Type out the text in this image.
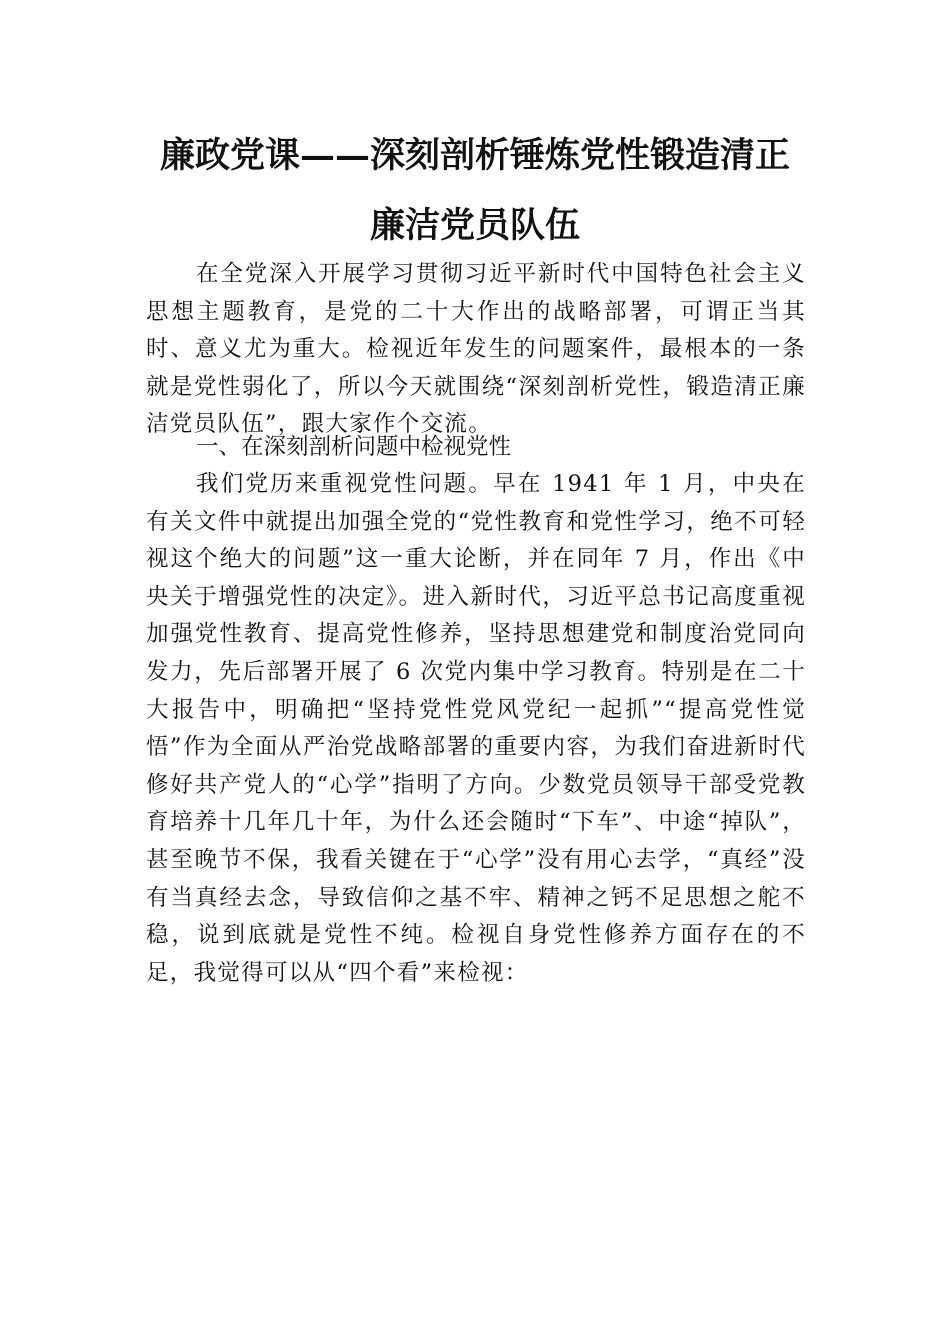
廉政党课——深刻剖析锤炼党性锻造清正
廉洁党员队伍
在全党深入开展学习贯彻习近平新时代中国特色社会主义思想主题教育，是党的二十大作出的战略部署，可谓正当其时、意义尤为重大。检视近年发生的问题案件，最根本的一条就是党性弱化了，所以今天就围绕“深刻剖析党性，锻造清正廉洁党员队伍”，跟大家作个交流。
一、在深刻剖析问题中检视党性
我们党历来重视党性问题。早在 1941 年 1 月，中央在有关文件中就提出加强全党的“党性教育和党性学习，绝不可轻视这个绝大的问题”这一重大论断，并在同年 7 月，作出《中央关于增强党性的决定》。进入新时代，习近平总书记高度重视加强党性教育、提高党性修养，坚持思想建党和制度治党同向发力，先后部署开展了 6 次党内集中学习教育。特别是在二十大报告中，明确把“坚持党性党风党纪一起抓”“提高党性觉悟”作为全面从严治党战略部署的重要内容，为我们奋进新时代修好共产党人的“心学”指明了方向。少数党员领导干部受党教育培养十几年几十年，为什么还会随时“下车”、中途“掉队”，甚至晚节不保，我看关键在于“心学”没有用心去学，“真经”没有当真经去念，导致信仰之基不牢、精神之钙不足思想之舵不稳，说到底就是党性不纯。检视自身党性修养方面存在的不足，我觉得可以从“四个看”来检视：
